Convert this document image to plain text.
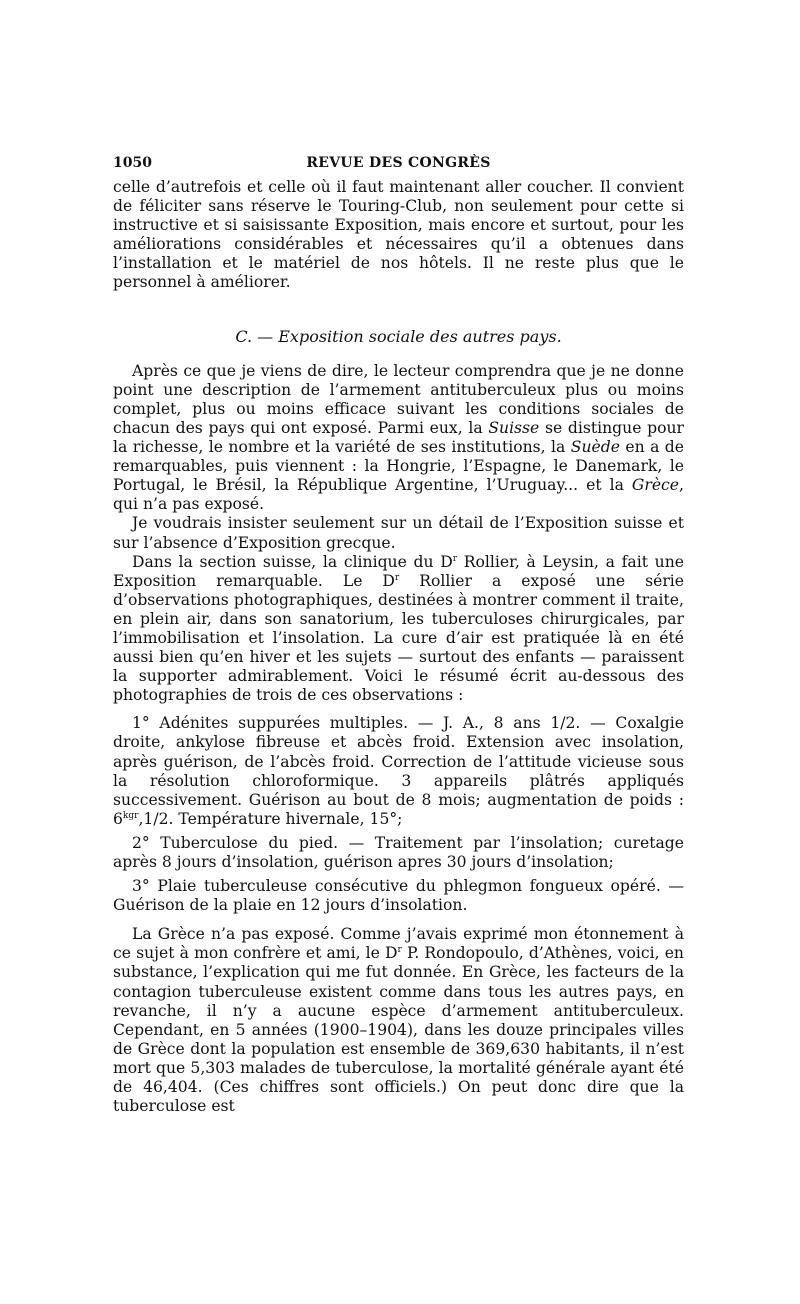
1050	REVUE DES CONGRÈS

celle d’autrefois et celle où il faut maintenant aller coucher. Il convient de féliciter sans réserve le Touring-Club, non seulement pour cette si instructive et si saisissante Exposition, mais encore et surtout, pour les améliorations considérables et nécessaires qu’il a obtenues dans l’installation et le matériel de nos hôtels. Il ne reste plus que le personnel à améliorer.

C. — Exposition sociale des autres pays.

Après ce que je viens de dire, le lecteur comprendra que je ne donne point une description de l’armement antituberculeux plus ou moins complet, plus ou moins efficace suivant les conditions sociales de chacun des pays qui ont exposé. Parmi eux, la Suisse se distingue pour la richesse, le nombre et la variété de ses institutions, la Suède en a de remarquables, puis viennent : la Hongrie, l’Espagne, le Danemark, le Portugal, le Brésil, la République Argentine, l’Uruguay... et la Grèce, qui n’a pas exposé.

Je voudrais insister seulement sur un détail de l’Exposition suisse et sur l’absence d’Exposition grecque.

Dans la section suisse, la clinique du $D^r$ Rollier, à Leysin, a fait une Exposition remarquable. Le $D^r$ Rollier a exposé une série d’observations photographiques, destinées à montrer comment il traite, en plein air, dans son sanatorium, les tuberculoses chirurgicales, par l’immobilisation et l’insolation. La cure d’air est pratiquée là en été aussi bien qu’en hiver et les sujets — surtout des enfants — paraissent la supporter admirablement. Voici le résumé écrit au-dessous des photographies de trois de ces observations :

1° Adénites suppurées multiples. — J. A., 8 ans 1/2. — Coxalgie droite, ankylose fibreuse et abcès froid. Extension avec insolation, après guérison, de l’abcès froid. Correction de l’attitude vicieuse sous la résolution chloroformique. 3 appareils plâtrés appliqués successivement. Guérison au bout de 8 mois; augmentation de poids : $6^{kgr},1/2$. Température hivernale, 15°;

2° Tuberculose du pied. — Traitement par l’insolation; curetage après 8 jours d’insolation, guérison apres 30 jours d’insolation;

3° Plaie tuberculeuse consécutive du phlegmon fongueux opéré. — Guérison de la plaie en 12 jours d’insolation.

La Grèce n’a pas exposé. Comme j’avais exprimé mon étonnement à ce sujet à mon confrère et ami, le $D^r$ P. Rondopoulo, d’Athènes, voici, en substance, l’explication qui me fut donnée. En Grèce, les facteurs de la contagion tuberculeuse existent comme dans tous les autres pays, en revanche, il n’y a aucune espèce d’armement antituberculeux. Cependant, en 5 années (1900–1904), dans les douze principales villes de Grèce dont la population est ensemble de 369,630 habitants, il n’est mort que 5,303 malades de tuberculose, la mortalité générale ayant été de 46,404. (Ces chiffres sont officiels.) On peut donc dire que la tuberculose est
